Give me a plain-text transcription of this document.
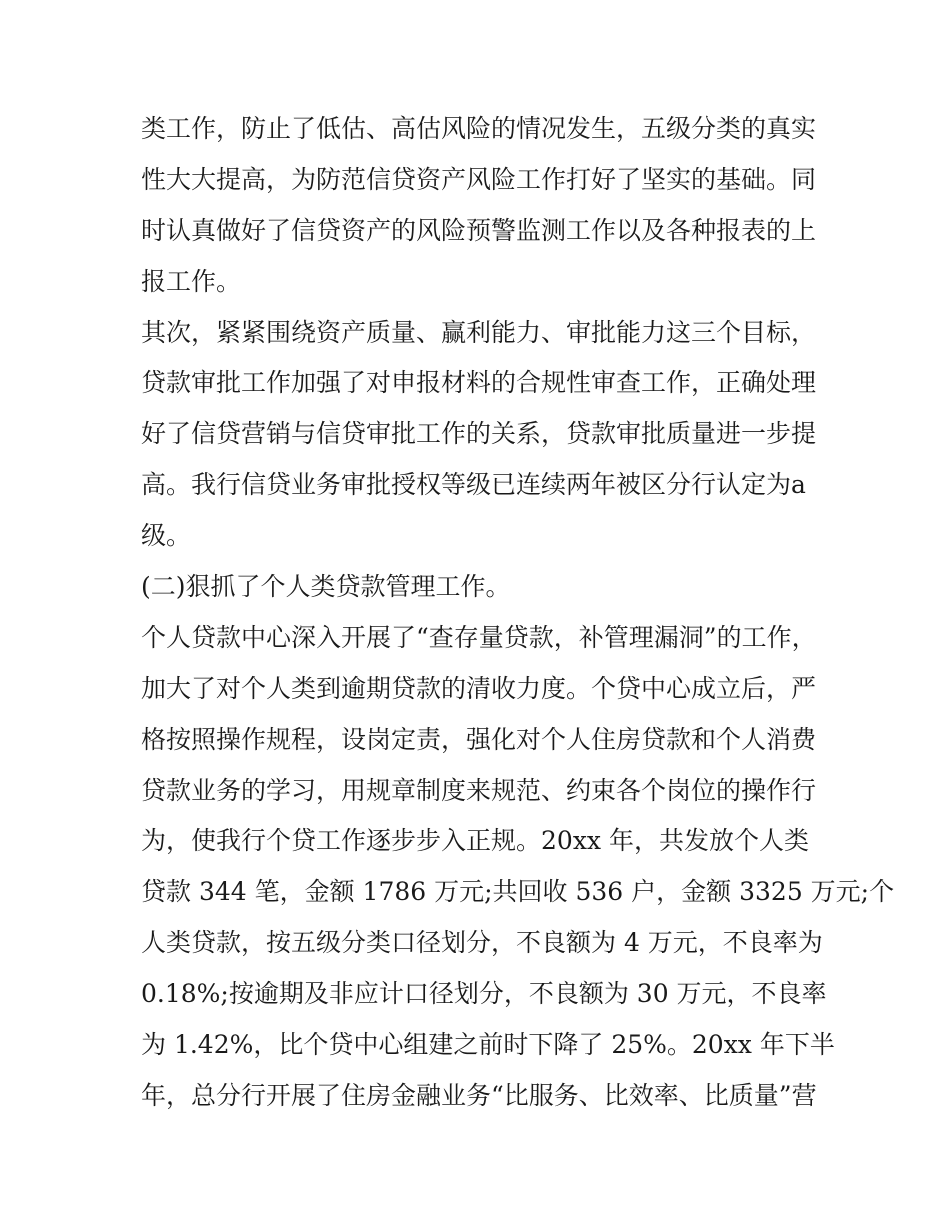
类工作，防止了低估、高估风险的情况发生，五级分类的真实
性大大提高，为防范信贷资产风险工作打好了坚实的基础。同
时认真做好了信贷资产的风险预警监测工作以及各种报表的上
报工作。
其次，紧紧围绕资产质量、赢利能力、审批能力这三个目标，
贷款审批工作加强了对申报材料的合规性审查工作，正确处理
好了信贷营销与信贷审批工作的关系，贷款审批质量进一步提
高。我行信贷业务审批授权等级已连续两年被区分行认定为a
级。
(二)狠抓了个人类贷款管理工作。
个人贷款中心深入开展了“查存量贷款，补管理漏洞”的工作，
加大了对个人类到逾期贷款的清收力度。个贷中心成立后，严
格按照操作规程，设岗定责，强化对个人住房贷款和个人消费
贷款业务的学习，用规章制度来规范、约束各个岗位的操作行
为，使我行个贷工作逐步步入正规。20xx 年，共发放个人类
贷款 344 笔，金额 1786 万元;共回收 536 户，金额 3325 万元;个
人类贷款，按五级分类口径划分，不良额为 4 万元，不良率为
0.18%;按逾期及非应计口径划分，不良额为 30 万元，不良率
为 1.42%，比个贷中心组建之前时下降了 25%。20xx 年下半
年，总分行开展了住房金融业务“比服务、比效率、比质量”营
